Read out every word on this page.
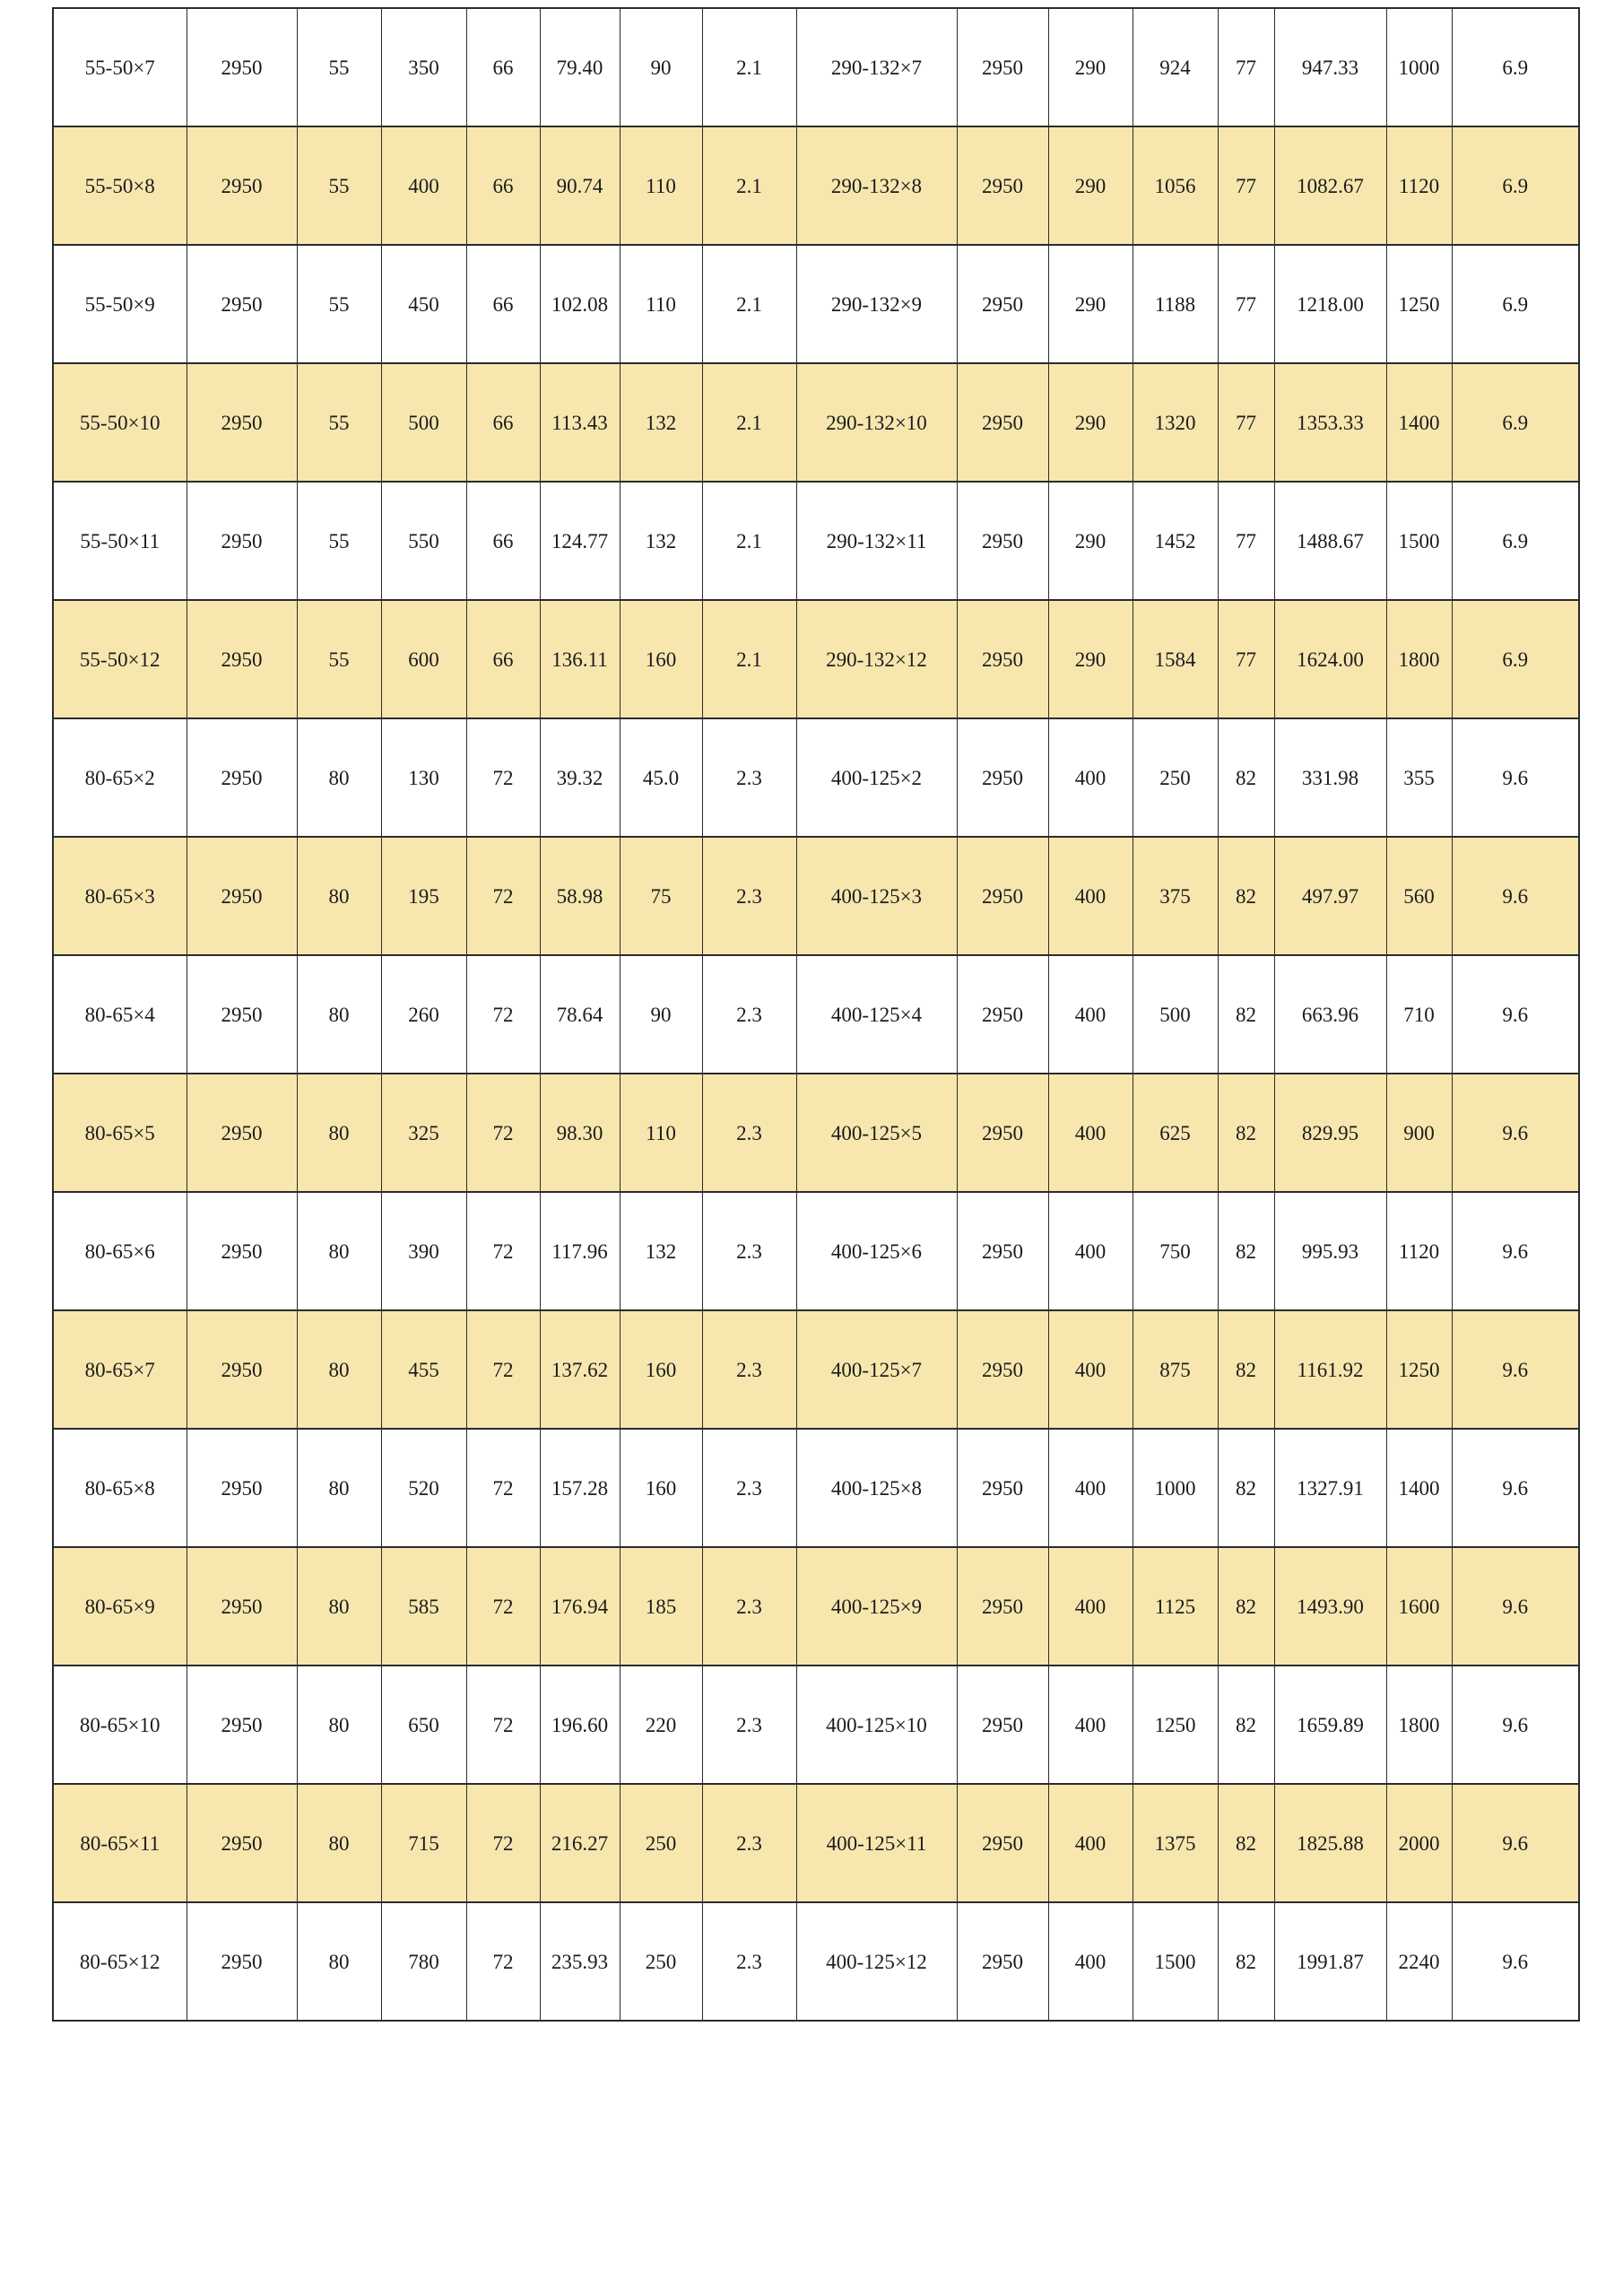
55-50×7	2950	55	350	66	79.40	90	2.1	290-132×7	2950	290	924	77	947.33	1000	6.9
55-50×8	2950	55	400	66	90.74	110	2.1	290-132×8	2950	290	1056	77	1082.67	1120	6.9
55-50×9	2950	55	450	66	102.08	110	2.1	290-132×9	2950	290	1188	77	1218.00	1250	6.9
55-50×10	2950	55	500	66	113.43	132	2.1	290-132×10	2950	290	1320	77	1353.33	1400	6.9
55-50×11	2950	55	550	66	124.77	132	2.1	290-132×11	2950	290	1452	77	1488.67	1500	6.9
55-50×12	2950	55	600	66	136.11	160	2.1	290-132×12	2950	290	1584	77	1624.00	1800	6.9
80-65×2	2950	80	130	72	39.32	45.0	2.3	400-125×2	2950	400	250	82	331.98	355	9.6
80-65×3	2950	80	195	72	58.98	75	2.3	400-125×3	2950	400	375	82	497.97	560	9.6
80-65×4	2950	80	260	72	78.64	90	2.3	400-125×4	2950	400	500	82	663.96	710	9.6
80-65×5	2950	80	325	72	98.30	110	2.3	400-125×5	2950	400	625	82	829.95	900	9.6
80-65×6	2950	80	390	72	117.96	132	2.3	400-125×6	2950	400	750	82	995.93	1120	9.6
80-65×7	2950	80	455	72	137.62	160	2.3	400-125×7	2950	400	875	82	1161.92	1250	9.6
80-65×8	2950	80	520	72	157.28	160	2.3	400-125×8	2950	400	1000	82	1327.91	1400	9.6
80-65×9	2950	80	585	72	176.94	185	2.3	400-125×9	2950	400	1125	82	1493.90	1600	9.6
80-65×10	2950	80	650	72	196.60	220	2.3	400-125×10	2950	400	1250	82	1659.89	1800	9.6
80-65×11	2950	80	715	72	216.27	250	2.3	400-125×11	2950	400	1375	82	1825.88	2000	9.6
80-65×12	2950	80	780	72	235.93	250	2.3	400-125×12	2950	400	1500	82	1991.87	2240	9.6
